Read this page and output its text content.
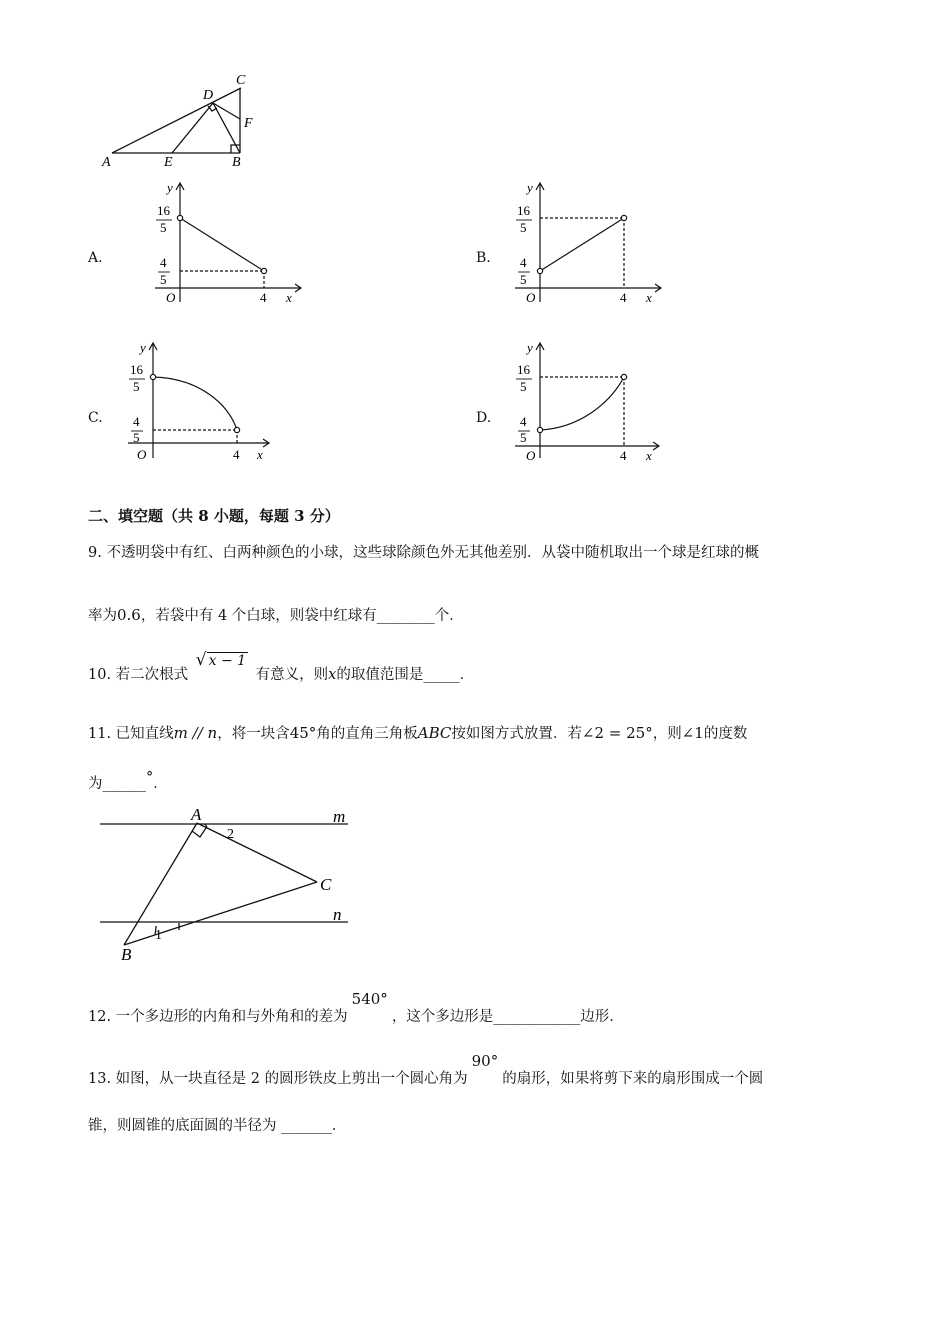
A	E	B
D
C
F
A.
y
16
5
4
5
O	4 x
B.
y
16
5
4
5
O	4 x
C.
y
16
5
4
5
O	4 x
D.
y
16
5
4
5
O	4 x
二、填空题（共 8 小题，每题 3 分）
9. 不透明袋中有红、白两种颜色的小球，这些球除颜色外无其他差别．从袋中随机取出一个球是红球的概
率为0.6，若袋中有 4 个白球，则袋中红球有________个．
10. 若二次根式 √ x − 1 有意义，则x的取值范围是_____．
11. 已知直线m // n，将一块含45°角的直角三角板ABC按如图方式放置．若∠2 = 25°，则∠1的度数
为______°．
A
2
m
C
n
1
B
12. 一个多边形的内角和与外角和的差为540°，这个多边形是____________边形．
13. 如图，从一块直径是 2 的圆形铁皮上剪出一个圆心角为90°的扇形，如果将剪下来的扇形围成一个圆
锥，则圆锥的底面圆的半径为 _______．
